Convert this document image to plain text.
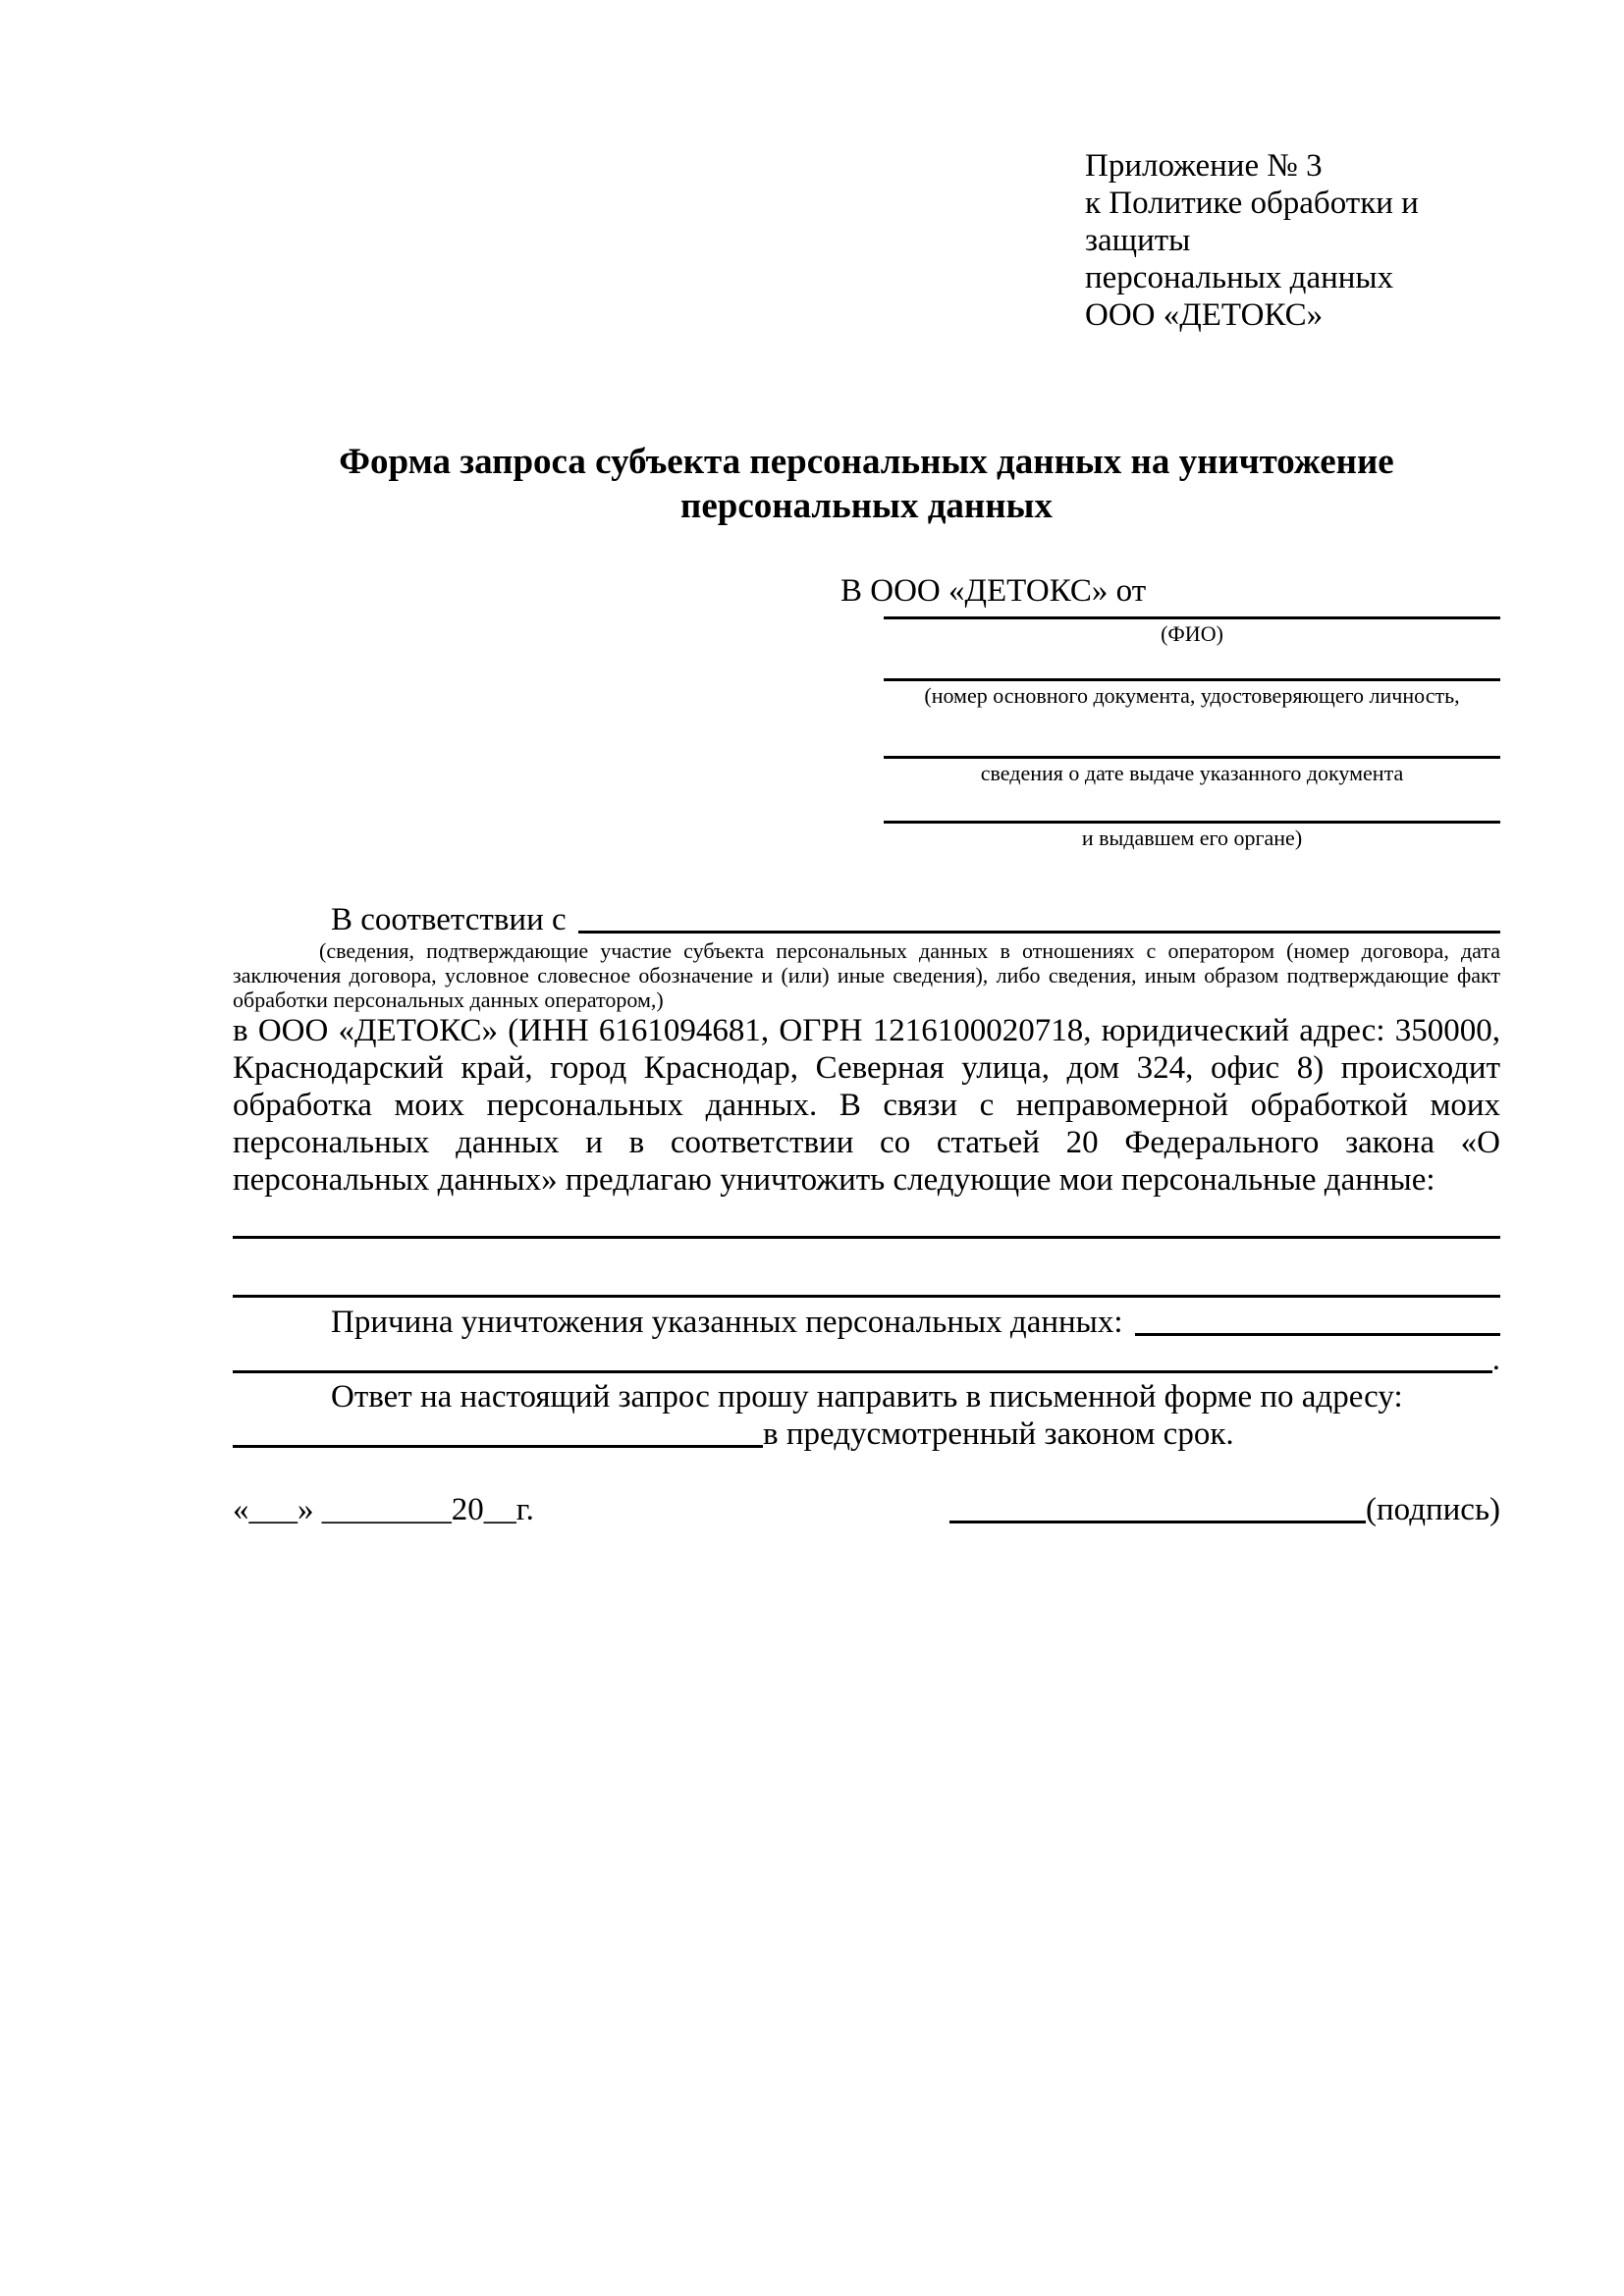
Приложение № 3
к Политике обработки и защиты
персональных данных
ООО «ДЕТОКС»
Форма запроса субъекта персональных данных на уничтожение персональных данных
В ООО «ДЕТОКС» от
(ФИО)
(номер основного документа, удостоверяющего личность,
сведения о дате выдаче указанного документа
и выдавшем его органе)
В соответствии с
(сведения, подтверждающие участие субъекта персональных данных в отношениях с оператором (номер договора, дата заключения договора, условное словесное обозначение и (или) иные сведения), либо сведения, иным образом подтверждающие факт обработки персональных данных оператором,)
в ООО «ДЕТОКС» (ИНН 6161094681, ОГРН 1216100020718, юридический адрес: 350000, Краснодарский край, город Краснодар, Северная улица, дом 324, офис 8) происходит обработка моих персональных данных. В связи с неправомерной обработкой моих персональных данных и в соответствии со статьей 20 Федерального закона «О персональных данных» предлагаю уничтожить следующие мои персональные данные:
Причина уничтожения указанных персональных данных:
.
Ответ на настоящий запрос прошу направить в письменной форме по адресу:
в предусмотренный законом срок.
«___» ________20__г.	(подпись)
